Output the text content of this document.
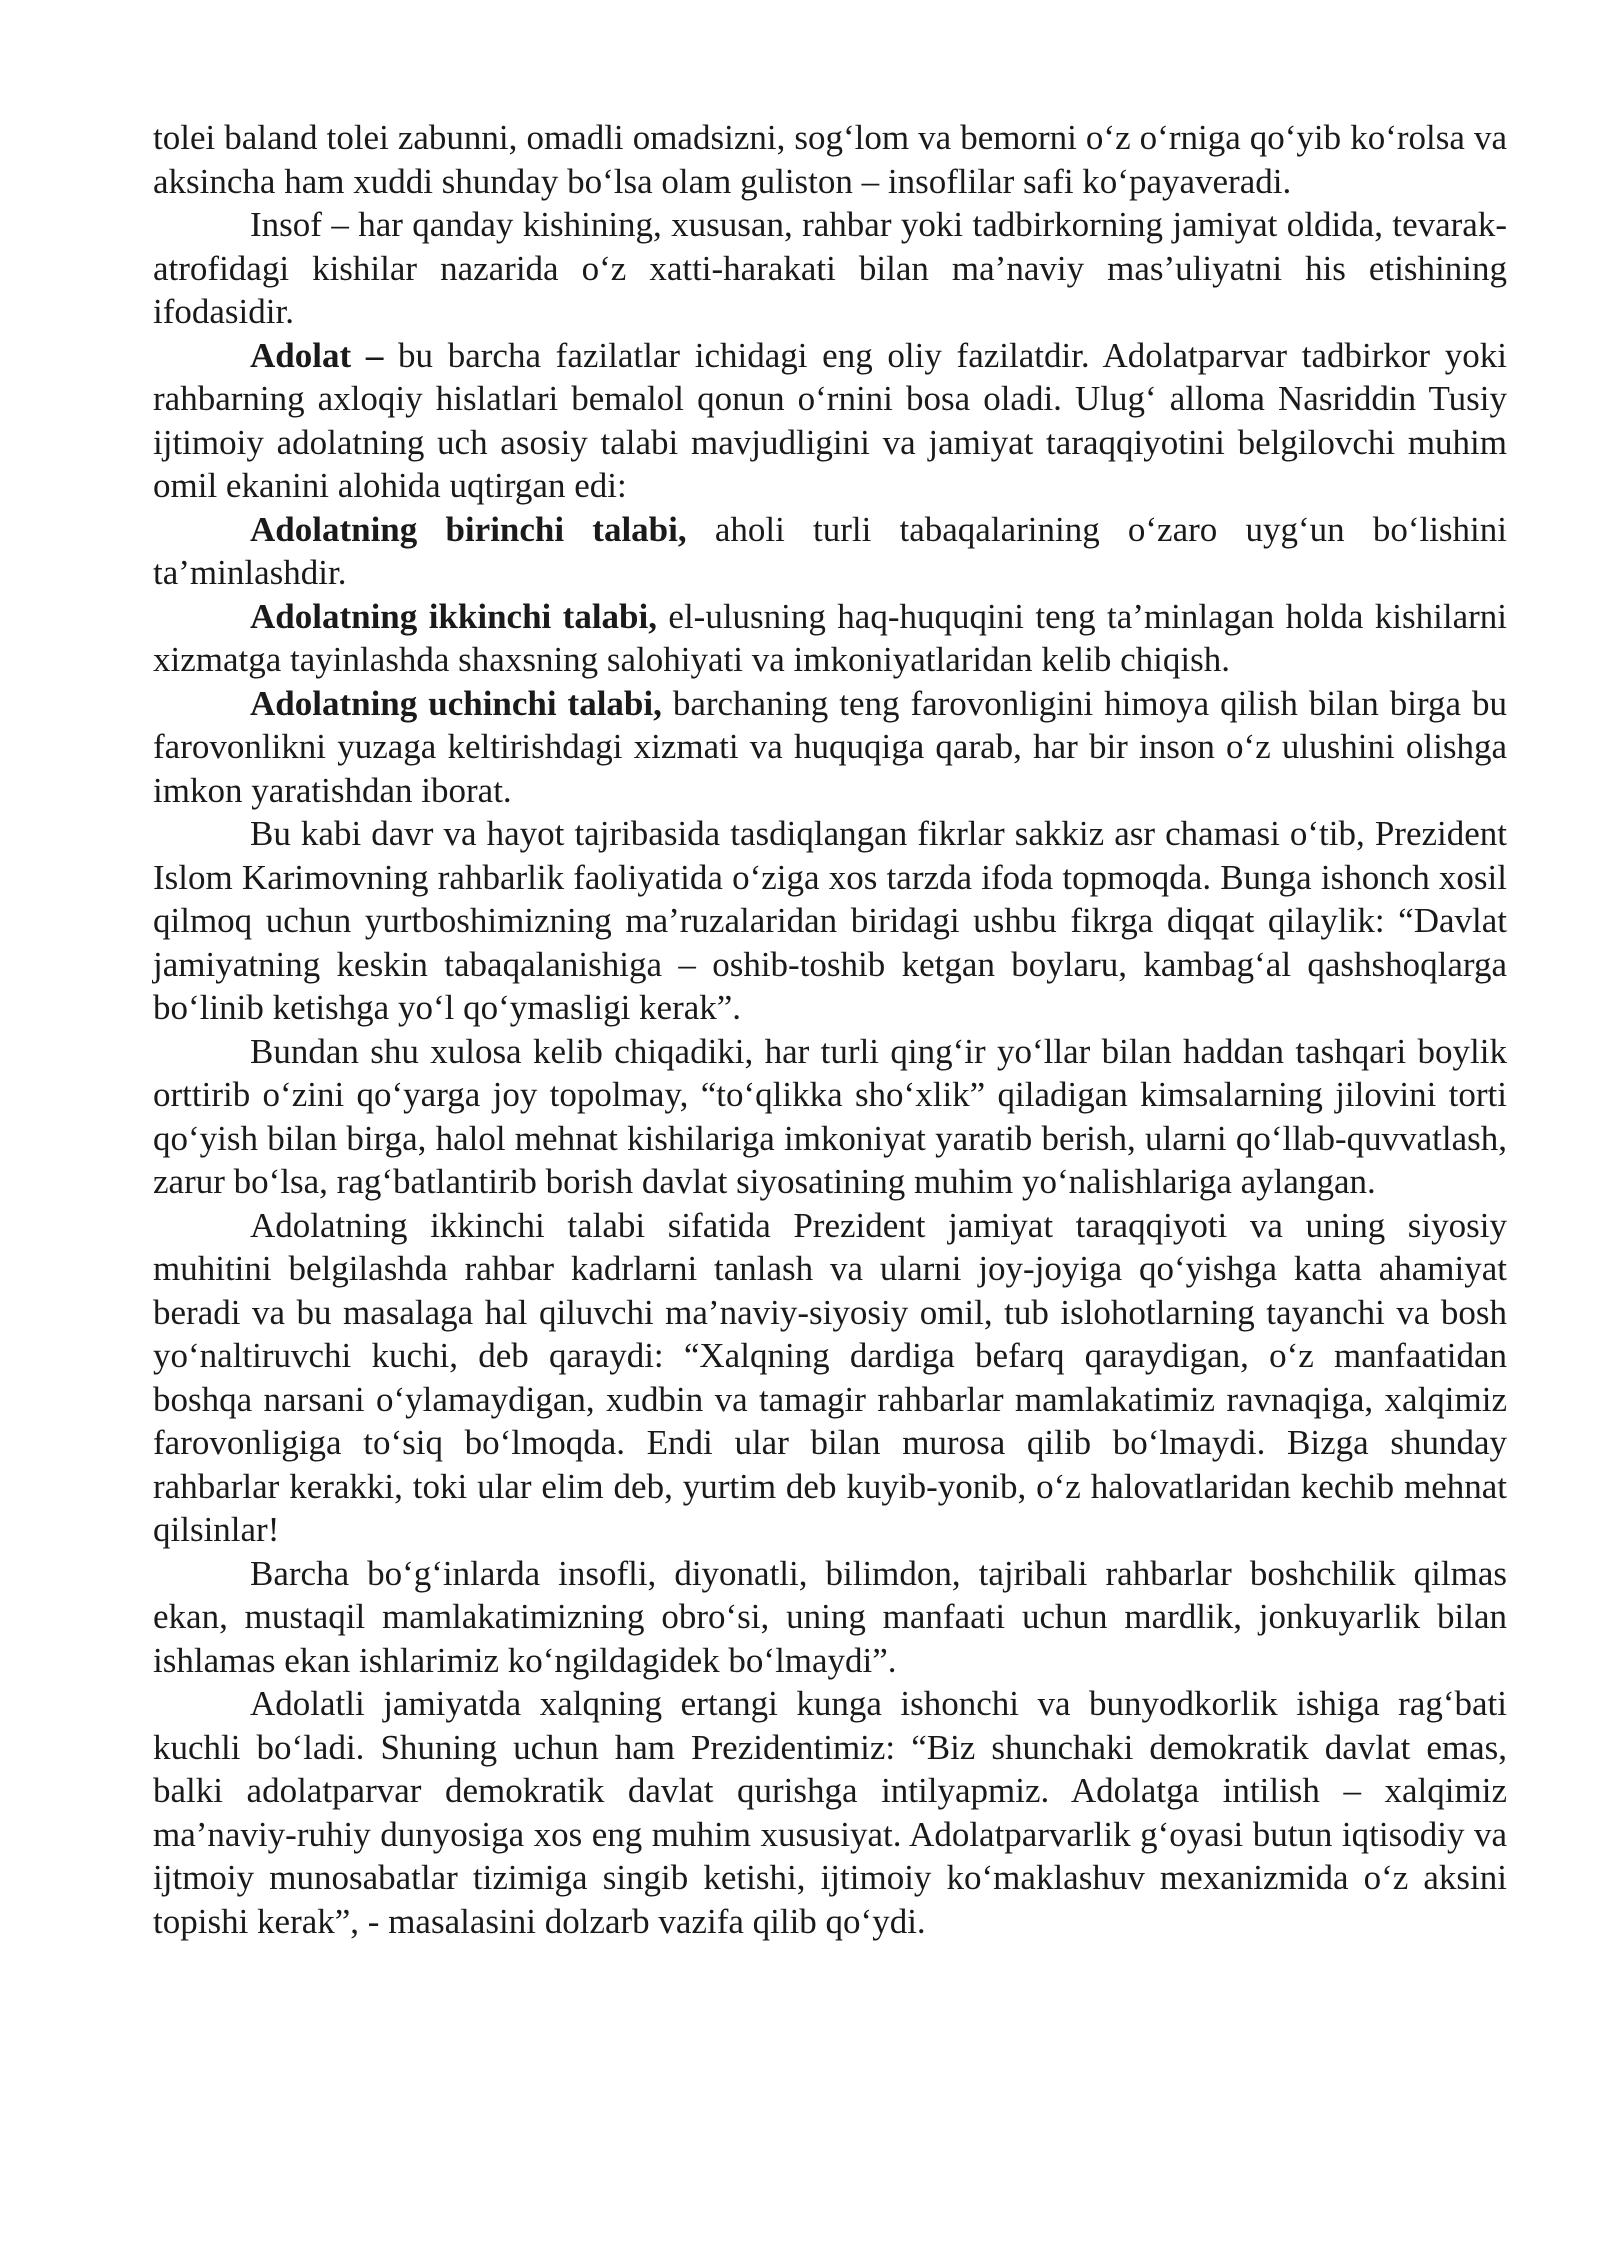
tolei baland tolei zabunni, omadli omadsizni, sog‘lom va bemorni o‘z o‘rniga qo‘yib ko‘rolsa va aksincha ham xuddi shunday bo‘lsa olam guliston – insoflilar safi ko‘payaveradi.

Insof – har qanday kishining, xususan, rahbar yoki tadbirkorning jamiyat oldida, tevarak-atrofidagi kishilar nazarida o‘z xatti-harakati bilan ma’naviy mas’uliyatni his etishining ifodasidir.

Adolat – bu barcha fazilatlar ichidagi eng oliy fazilatdir. Adolatparvar tadbirkor yoki rahbarning axloqiy hislatlari bemalol qonun o‘rnini bosa oladi. Ulug‘ alloma Nasriddin Tusiy ijtimoiy adolatning uch asosiy talabi mavjudligini va jamiyat taraqqiyotini belgilovchi muhim omil ekanini alohida uqtirgan edi:

Adolatning birinchi talabi, aholi turli tabaqalarining o‘zaro uyg‘un bo‘lishini ta’minlashdir.

Adolatning ikkinchi talabi, el-ulusning haq-huquqini teng ta’minlagan holda kishilarni xizmatga tayinlashda shaxsning salohiyati va imkoniyatlaridan kelib chiqish.

Adolatning uchinchi talabi, barchaning teng farovonligini himoya qilish bilan birga bu farovonlikni yuzaga keltirishdagi xizmati va huquqiga qarab, har bir inson o‘z ulushini olishga imkon yaratishdan iborat.

Bu kabi davr va hayot tajribasida tasdiqlangan fikrlar sakkiz asr chamasi o‘tib, Prezident Islom Karimovning rahbarlik faoliyatida o‘ziga xos tarzda ifoda topmoqda. Bunga ishonch xosil qilmoq uchun yurtboshimizning ma’ruzalaridan biridagi ushbu fikrga diqqat qilaylik: “Davlat jamiyatning keskin tabaqalanishiga – oshib-toshib ketgan boylaru, kambag‘al qashshoqlarga bo‘linib ketishga yo‘l qo‘ymasligi kerak”.

Bundan shu xulosa kelib chiqadiki, har turli qing‘ir yo‘llar bilan haddan tashqari boylik orttirib o‘zini qo‘yarga joy topolmay, “to‘qlikka sho‘xlik” qiladigan kimsalarning jilovini torti qo‘yish bilan birga, halol mehnat kishilariga imkoniyat yaratib berish, ularni qo‘llab-quvvatlash, zarur bo‘lsa, rag‘batlantirib borish davlat siyosatining muhim yo‘nalishlariga aylangan.

Adolatning ikkinchi talabi sifatida Prezident jamiyat taraqqiyoti va uning siyosiy muhitini belgilashda rahbar kadrlarni tanlash va ularni joy-joyiga qo‘yishga katta ahamiyat beradi va bu masalaga hal qiluvchi ma’naviy-siyosiy omil, tub islohotlarning tayanchi va bosh yo‘naltiruvchi kuchi, deb qaraydi: “Xalqning dardiga befarq qaraydigan, o‘z manfaatidan boshqa narsani o‘ylamaydigan, xudbin va tamagir rahbarlar mamlakatimiz ravnaqiga, xalqimiz farovonligiga to‘siq bo‘lmoqda. Endi ular bilan murosa qilib bo‘lmaydi. Bizga shunday rahbarlar kerakki, toki ular elim deb, yurtim deb kuyib-yonib, o‘z halovatlaridan kechib mehnat qilsinlar!

Barcha bo‘g‘inlarda insofli, diyonatli, bilimdon, tajribali rahbarlar boshchilik qilmas ekan, mustaqil mamlakatimizning obro‘si, uning manfaati uchun mardlik, jonkuyarlik bilan ishlamas ekan ishlarimiz ko‘ngildagidek bo‘lmaydi”.

Adolatli jamiyatda xalqning ertangi kunga ishonchi va bunyodkorlik ishiga rag‘bati kuchli bo‘ladi. Shuning uchun ham Prezidentimiz: “Biz shunchaki demokratik davlat emas, balki adolatparvar demokratik davlat qurishga intilyapmiz. Adolatga intilish – xalqimiz ma’naviy-ruhiy dunyosiga xos eng muhim xususiyat. Adolatparvarlik g‘oyasi butun iqtisodiy va ijtmoiy munosabatlar tizimiga singib ketishi, ijtimoiy ko‘maklashuv mexanizmida o‘z aksini topishi kerak”, - masalasini dolzarb vazifa qilib qo‘ydi.
